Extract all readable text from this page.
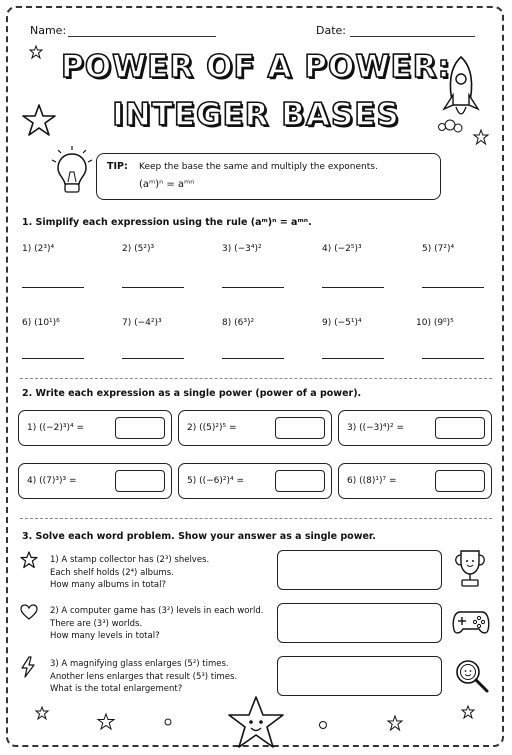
Name:	Date:
POWER OF A POWER:
INTEGER BASES
TIP: Keep the base the same and multiply the exponents.
(aᵐ)ⁿ = aᵐⁿ
1. Simplify each expression using the rule (aᵐ)ⁿ = aᵐⁿ.
1) (2³)⁴	2) (5²)³	3) (−3⁴)²	4) (−2⁵)³	5) (7²)⁴
6) (10¹)⁶	7) (−4²)³	8) (6³)²	9) (−5¹)⁴	10) (9⁰)⁵
2. Write each expression as a single power (power of a power).
1) ((−2)³)⁴ =	2) ((5)²)⁵ =	3) ((−3)⁴)² =
4) ((7)³)³ =	5) ((−6)²)⁴ =	6) ((8)¹)⁷ =
3. Solve each word problem. Show your answer as a single power.
1) A stamp collector has (2³) shelves.
Each shelf holds (2⁴) albums.
How many albums in total?
2) A computer game has (3²) levels in each world.
There are (3³) worlds.
How many levels in total?
3) A magnifying glass enlarges (5²) times.
Another lens enlarges that result (5³) times.
What is the total enlargement?
